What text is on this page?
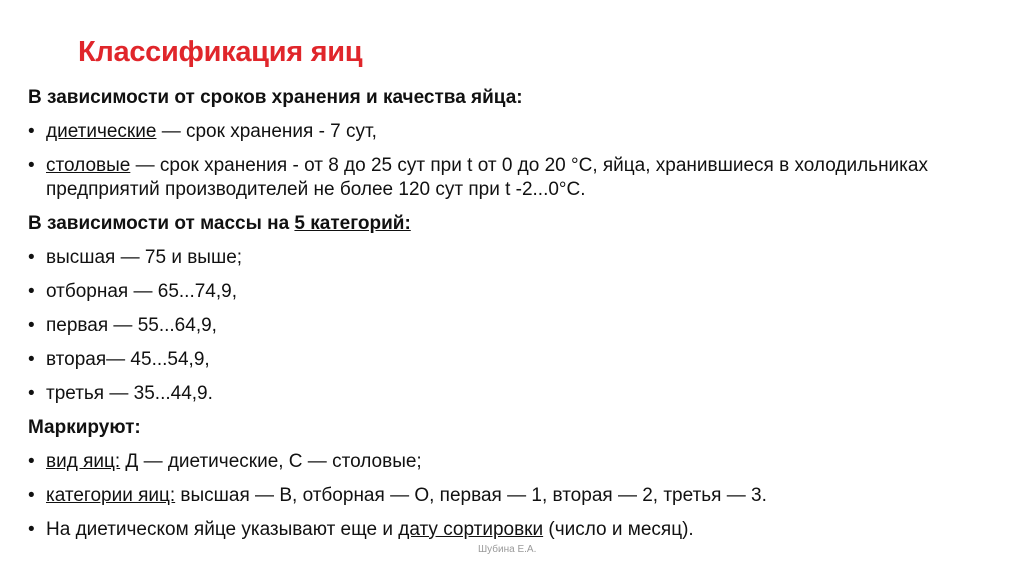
Классификация яиц
В зависимости от сроков хранения и качества яйца:
• диетические — срок хранения - 7 сут,
• столовые — срок хранения - от 8 до 25 сут при t от 0 до 20 °С, яйца, хранившиеся в холодильниках предприятий производителей не более 120 сут при t -2...0°С.
В зависимости от массы на 5 категорий:
• высшая — 75 и выше;
• отборная — 65...74,9,
• первая — 55...64,9,
• вторая— 45...54,9,
• третья — 35...44,9.
Маркируют:
• вид яиц: Д — диетические, С — столовые;
• категории яиц: высшая — В, отборная — О, первая — 1, вторая — 2, третья — 3.
• На диетическом яйце указывают еще и дату сортировки (число и месяц).
Шубина Е.А.
